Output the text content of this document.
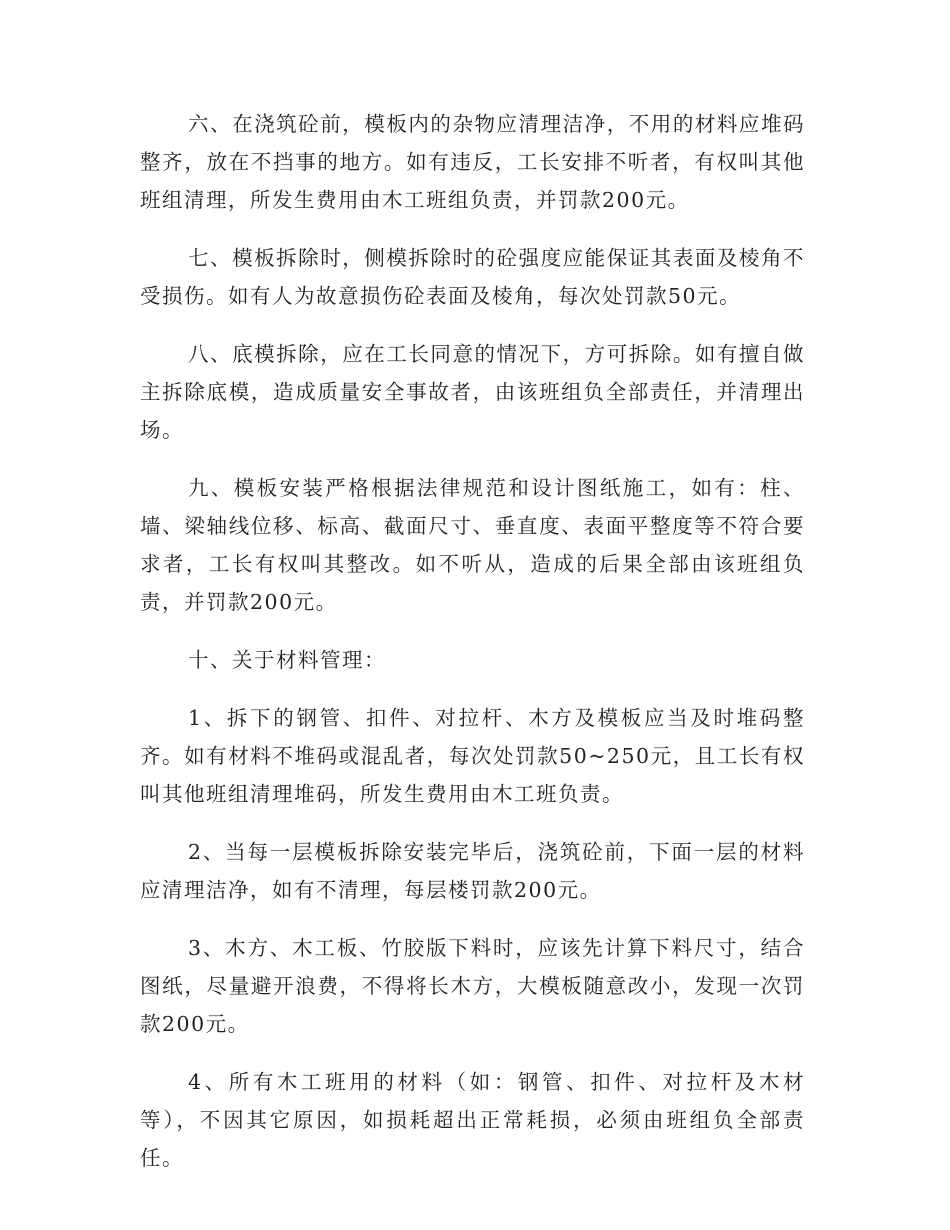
六、在浇筑砼前，模板内的杂物应清理洁净，不用的材料应堆码整齐，放在不挡事的地方。如有违反，工长安排不听者，有权叫其他班组清理，所发生费用由木工班组负责，并罚款200元。

七、模板拆除时，侧模拆除时的砼强度应能保证其表面及棱角不受损伤。如有人为故意损伤砼表面及棱角，每次处罚款50元。

八、底模拆除，应在工长同意的情况下，方可拆除。如有擅自做主拆除底模，造成质量安全事故者，由该班组负全部责任，并清理出场。

九、模板安装严格根据法律规范和设计图纸施工，如有：柱、墙、梁轴线位移、标高、截面尺寸、垂直度、表面平整度等不符合要求者，工长有权叫其整改。如不听从，造成的后果全部由该班组负责，并罚款200元。

十、关于材料管理：

1、拆下的钢管、扣件、对拉杆、木方及模板应当及时堆码整齐。如有材料不堆码或混乱者，每次处罚款50~250元，且工长有权叫其他班组清理堆码，所发生费用由木工班负责。

2、当每一层模板拆除安装完毕后，浇筑砼前，下面一层的材料应清理洁净，如有不清理，每层楼罚款200元。

3、木方、木工板、竹胶版下料时，应该先计算下料尺寸，结合图纸，尽量避开浪费，不得将长木方，大模板随意改小，发现一次罚款200元。

4、所有木工班用的材料（如：钢管、扣件、对拉杆及木材等），不因其它原因，如损耗超出正常耗损，必须由班组负全部责任。
